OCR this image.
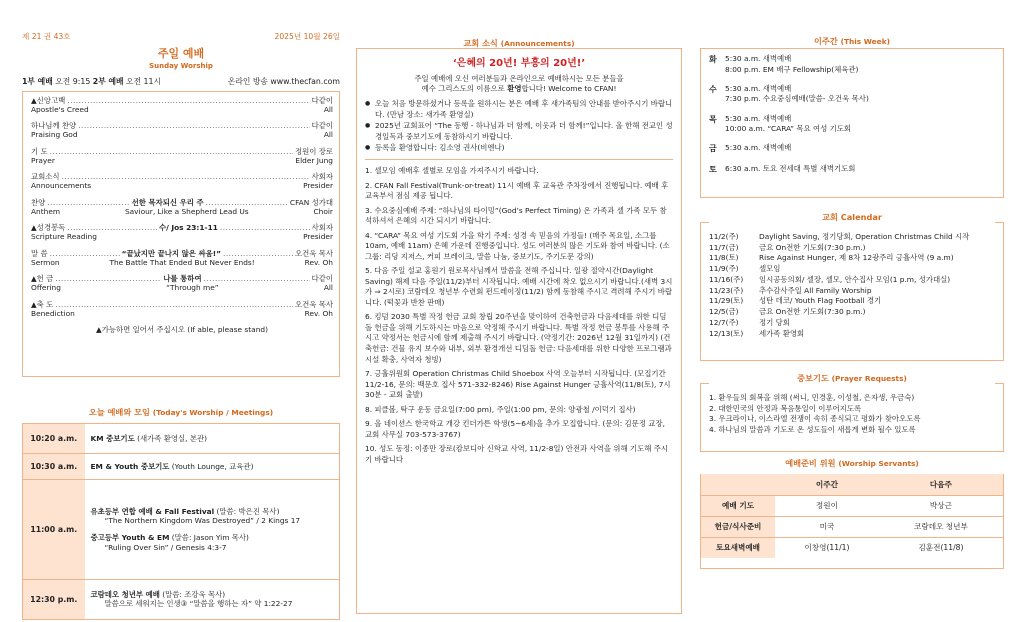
제 21 권 43호	2025년 10월 26일
주일 예배
Sunday Worship
1부 예배 오전 9:15 2부 예배 오전 11시	온라인 방송 www.thecfan.com
▲신앙고백 .....	다같이
Apostle's Creed	All
하나님께 찬양 .....	다같이
Praising God	All
기 도 .....	정원이 장로
Prayer	Elder Jung
교회소식 .....	사회자
Announcements	Presider
찬양 .....	선한 목자되신 우리 주 .....	CFAN 성가대
Anthem	Saviour, Like a Shepherd Lead Us	Choir
▲성경봉독 .....	수/ Jos 23:1-11 .....	사회자
Scripture Reading	Presider
말 씀 .....	“끝났지만 끝나지 않은 싸움!” .....	오건욱 목사
Sermon	The Battle That Ended But Never Ends!	Rev. Oh
▲헌 금 .....	나를 통하여 .....	다같이
Offering	“Through me”	All
▲축 도 .....	오건욱 목사
Benediction	Rev. Oh
▲가능하면 일어서 주십시오 (If able, please stand)
오늘 예배와 모임 (Today's Worship / Meetings)
10:20 a.m.	KM 중보기도 (새가족 환영실, 본관)

10:30 a.m.	EM & Youth 중보기도 (Youth Lounge, 교육관)

11:00 a.m.	유초등부 연합 예배 & Fall Festival (말씀: 박은진 목사)
“The Northern Kingdom Was Destroyed” / 2 Kings 17
중고등부 Youth & EM (말씀: Jason Yim 목사)
“Ruling Over Sin” / Genesis 4:3-7

12:30 p.m.	코람데오 청년부 예배 (말씀: 조강욱 목사)
말씀으로 세워지는 인생③ “말씀을 행하는 자” 약 1:22-27
교회 소식 (Announcements)
‘은혜의 20년! 부흥의 20년!’
주일 예배에 오신 여러분들과 온라인으로 예배하시는 모든 분들을
예수 그리스도의 이름으로 환영합니다! Welcome to CFAN!
● 오늘 처음 방문하셨거나 등록을 원하시는 분은 예배 후 새가족팀의 안내를 받아주시기 바랍니다. (만남 장소: 새가족 환영실)
● 2025년 교회표어 “The 동행 - 하나님과 더 함께, 이웃과 더 함께!”입니다. 올 한해 전교인 성경일독과 중보기도에 동참하시기 바랍니다.
● 등록을 환영합니다: 김소영 권사(비엔나)
1. 셀모임 예배후 셀별로 모임을 가져주시기 바랍니다.
2. CFAN Fall Festival(Trunk-or-treat) 11시 예배 후 교육관 주차장에서 진행됩니다. 예배 후 교육부서 점심 제공 됩니다.
3. 수요중심예배 주제: “하나님의 타이밍”(God’s Perfect Timing) 온 가족과 셀 가족 모두 참석하셔서 은혜의 시간 되시기 바랍니다.
4. “CARA” 목요 여성 기도회 가을 학기 주제: 성경 속 믿음의 가정들! (매주 목요일, 소그룹 10am, 예배 11am) 은혜 가운데 진행중입니다. 성도 여러분의 많은 기도와 참여 바랍니다. (소그룹: 리딩 지저스, 커피 브레이크, 말씀 나눔, 중보기도, 주기도문 강의)
5. 다음 주일 설교 홍원기 원로목사님께서 말씀을 전해 주십니다. 일광 절약시간(Daylight Saving) 해제 다음 주일(11/2)부터 시작됩니다. 예배 시간에 착오 없으시기 바랍니다.(새벽 3시가 ⇒ 2시로) 코람데오 청년부 수련회 펀드레이징(11/2) 함께 동참해 주시고 격려해 주시기 바랍니다. (떡꽃과 반찬 판매)
6. 킹덤 2030 특별 작정 헌금 교회 창립 20주년을 맞이하여 건축헌금과 다음세대를 위한 디딤돌 헌금을 위해 기도하시는 마음으로 약정해 주시기 바랍니다. 특별 작정 헌금 봉투를 사용해 주시고 약정서는 헌금시에 함께 제출해 주시기 바랍니다. (약정기간: 2026년 12월 31일까지) (건축헌금: 건물 유지 보수와 내부, 외부 환경개선 디딤돌 헌금: 다음세대를 위한 다양한 프로그램과 시설 확충, 사역자 청빙)
7. 긍휼위원회 Operation Christmas Child Shoebox 사역 오늘부터 시작됩니다. (모집기간 11/2-16, 문의: 백문호 집사 571-332-8246) Rise Against Hunger 긍휼사역(11/8(토), 7시 30분 - 교회 출발)
8. 피클볼, 탁구 운동 금요일(7:00 pm), 주일(1:00 pm, 문의: 양광철 /이덕기 집사)
9. 올 네이션스 한국학교 개강 킨더가튼 학생(5~6세)을 추가 모집합니다. (문의: 김문정 교장, 교회 사무실 703-573-3767)
10. 성도 동정: 이종만 장로(캄보디아 신학교 사역, 11/2-8일) 안전과 사역을 위해 기도해 주시기 바랍니다
이주간 (This Week)
화	5:30 a.m. 새벽예배
8:00 p.m. EM 배구 Fellowship(체육관)
수	5:30 a.m. 새벽예배
7:30 p.m. 수요중심예배(말씀- 오건욱 목사)
목	5:30 a.m. 새벽예배
10:00 a.m. “CARA” 목요 여성 기도회
금	5:30 a.m. 새벽예배
토	6:30 a.m. 토요 전세대 특별 새벽기도회
교회 Calendar
11/2(주)	Daylight Saving, 정기당회, Operation Christmas Child 시작
11/7(금)	금요 On전한 기도회(7:30 p.m.)
11/8(토)	Rise Against Hunger, 제 8차 12광주리 긍휼사역 (9 a.m)
11/9(주)	셀모임
11/16(주)	임시공동의회/ 셀장, 셀모, 안수집사 모임(1 p.m, 성가대실)
11/23(주)	추수감사주일 All Family Worship
11/29(토)	성탄 데코/ Youth Flag Football 경기
12/5(금)	금요 On전한 기도회(7:30 p.m.)
12/7(주)	정기 당회
12/13(토)	세가족 환영회
중보기도 (Prayer Requests)
1. 환우들의 회복을 위해 (써니, 민경훈, 이성철, 은자생, 우금숙)
2. 대한민국의 안정과 복음통일이 이루어지도록
3. 우크라이나, 이스라엘 전쟁이 속히 종식되고 평화가 찾아오도록
4. 하나님의 말씀과 기도로 온 성도들이 새롭게 변화 될수 있도록
예배준비 위원 (Worship Servants)
	이주간	다음주
예배 기도	정원이	박상근
헌금/식사준비	미국	코람데오 청년부
토요새벽예배	이창영(11/1)	김훈전(11/8)
